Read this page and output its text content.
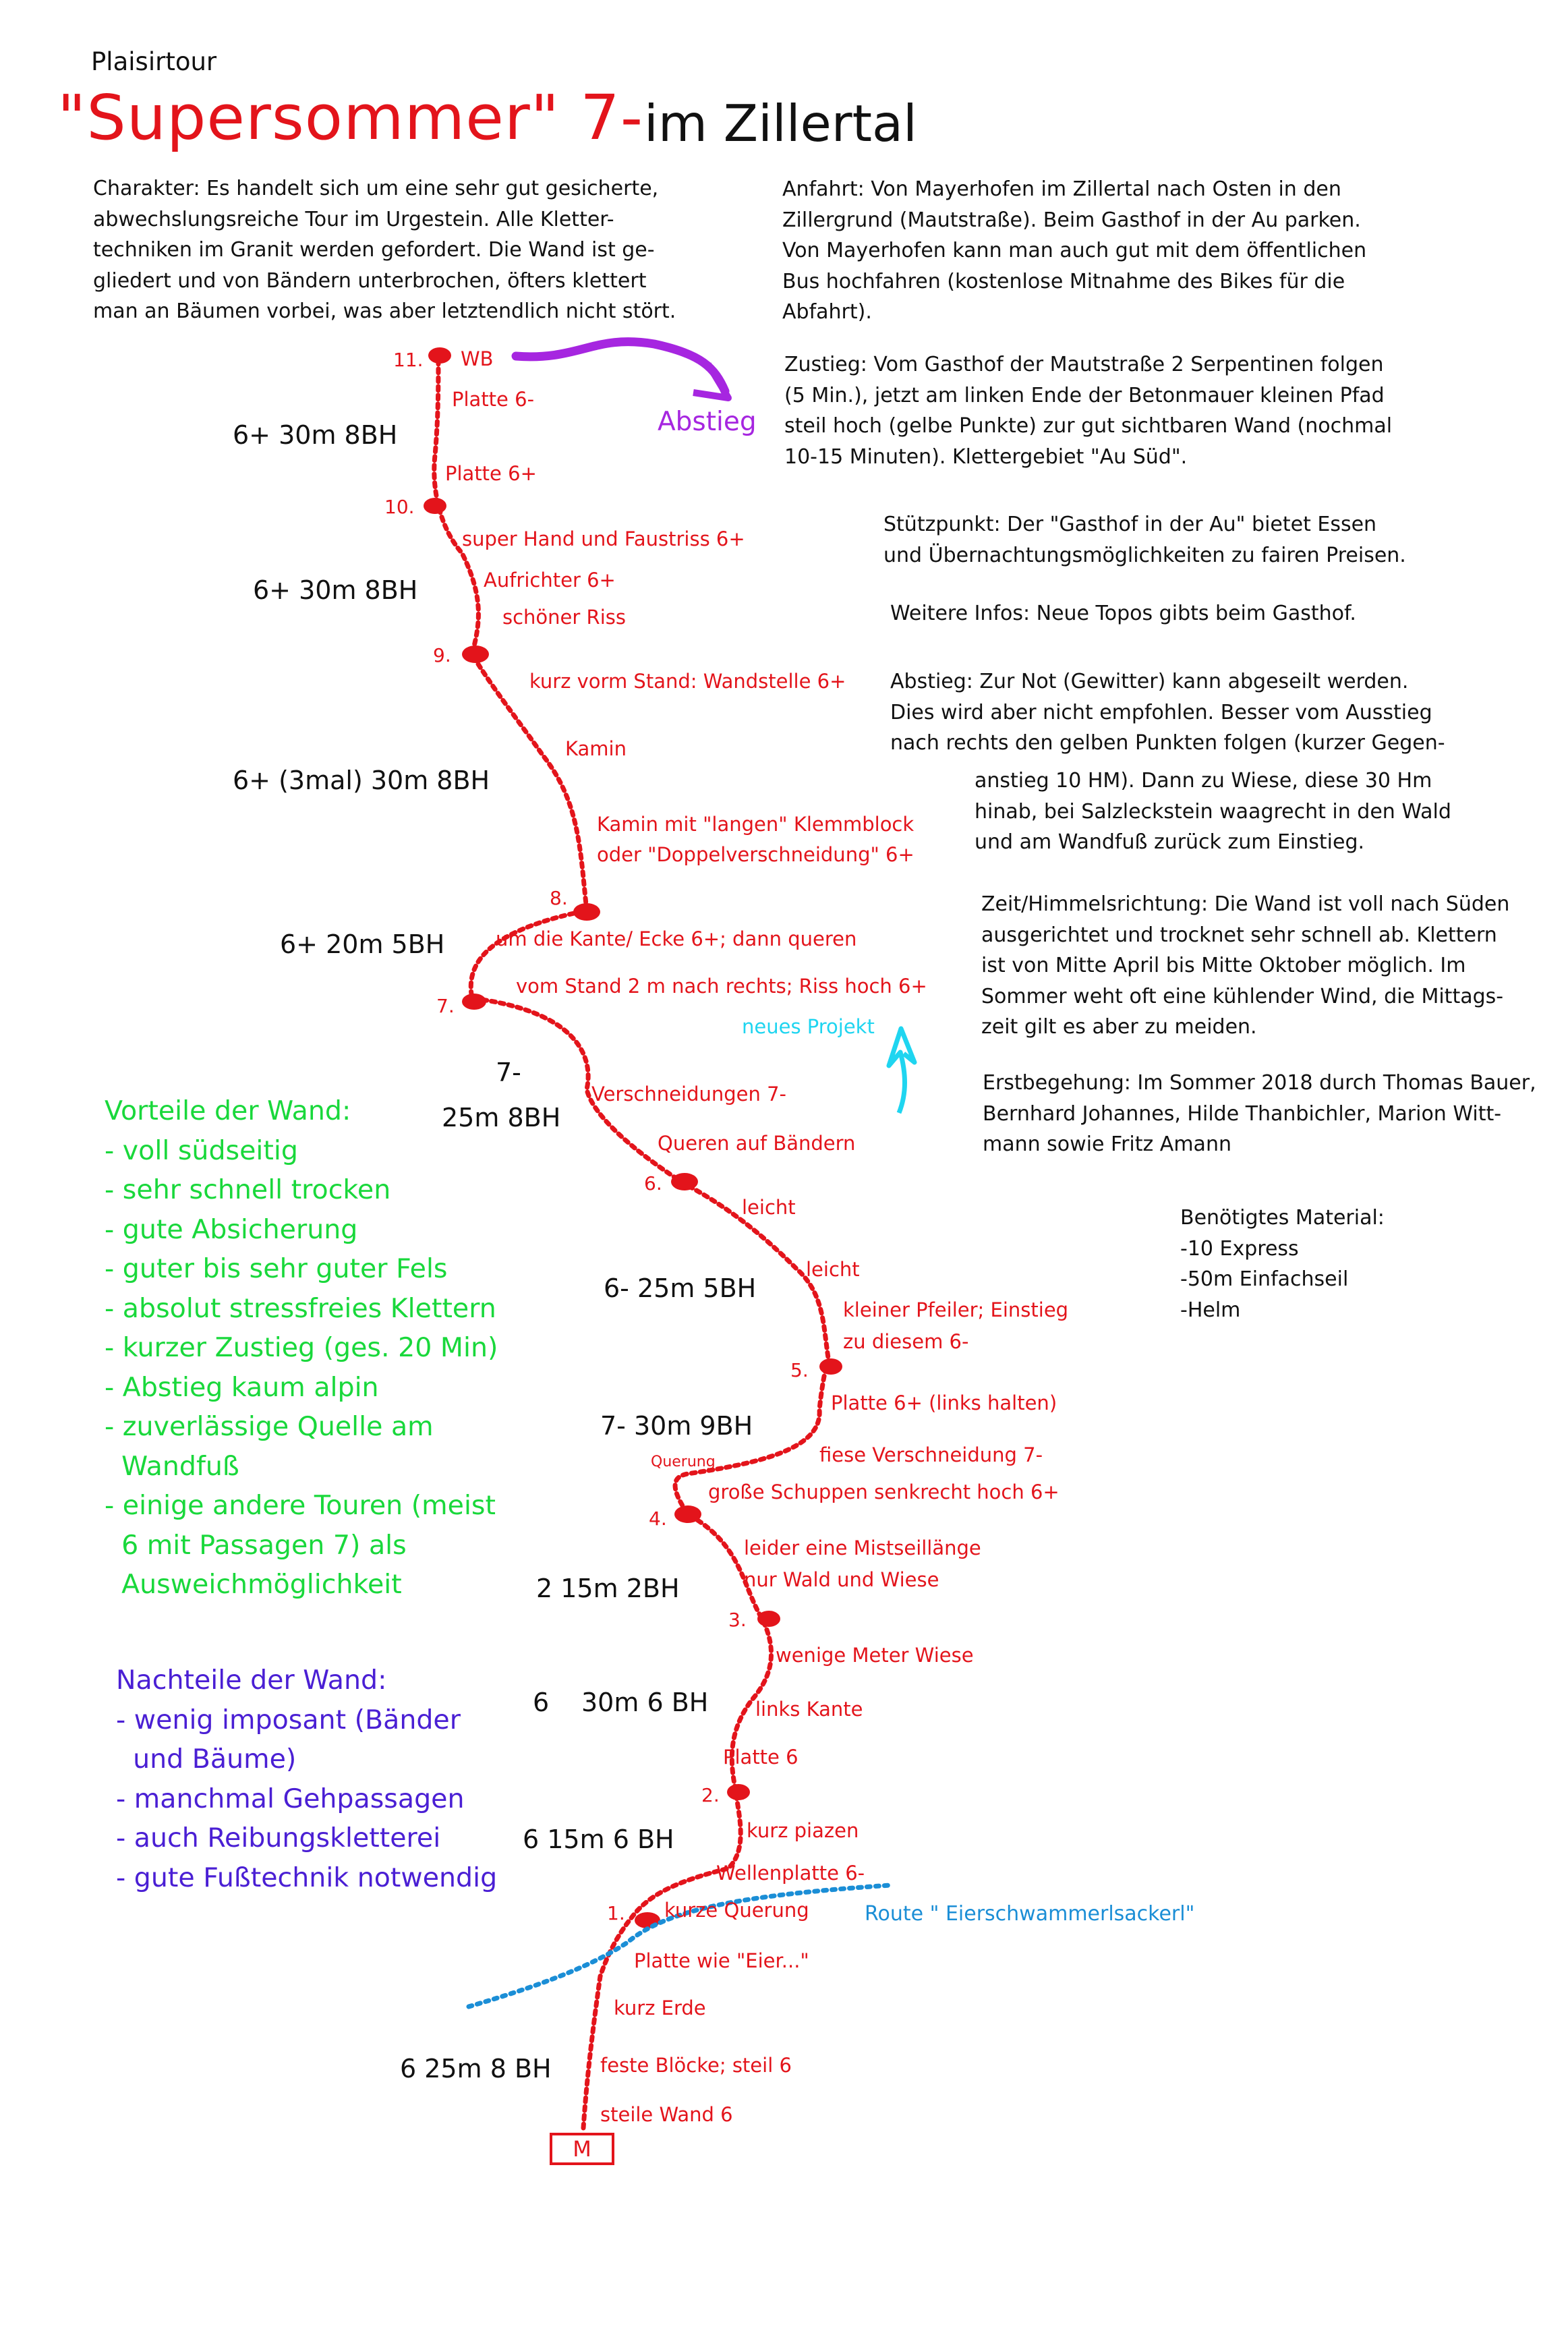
Plaisirtour
"Supersommer" 7- im Zillertal
Charakter: Es handelt sich um eine sehr gut gesicherte,
abwechslungsreiche Tour im Urgestein. Alle Kletter-
techniken im Granit werden gefordert. Die Wand ist ge-
gliedert und von Bändern unterbrochen, öfters klettert
man an Bäumen vorbei, was aber letztendlich nicht stört.
Anfahrt: Von Mayerhofen im Zillertal nach Osten in den
Zillergrund (Mautstraße). Beim Gasthof in der Au parken.
Von Mayerhofen kann man auch gut mit dem öffentlichen
Bus hochfahren (kostenlose Mitnahme des Bikes für die
Abfahrt).
Zustieg: Vom Gasthof der Mautstraße 2 Serpentinen folgen
(5 Min.), jetzt am linken Ende der Betonmauer kleinen Pfad
steil hoch (gelbe Punkte) zur gut sichtbaren Wand (nochmal
10-15 Minuten). Klettergebiet "Au Süd".
Stützpunkt: Der "Gasthof in der Au" bietet Essen
und Übernachtungsmöglichkeiten zu fairen Preisen.
Weitere Infos: Neue Topos gibts beim Gasthof.
Abstieg: Zur Not (Gewitter) kann abgeseilt werden.
Dies wird aber nicht empfohlen. Besser vom Ausstieg
nach rechts den gelben Punkten folgen (kurzer Gegen-
anstieg 10 HM). Dann zu Wiese, diese 30 Hm
hinab, bei Salzleckstein waagrecht in den Wald
und am Wandfuß zurück zum Einstieg.
Zeit/Himmelsrichtung: Die Wand ist voll nach Süden
ausgerichtet und trocknet sehr schnell ab. Klettern
ist von Mitte April bis Mitte Oktober möglich. Im
Sommer weht oft eine kühlender Wind, die Mittags-
zeit gilt es aber zu meiden.
Erstbegehung: Im Sommer 2018 durch Thomas Bauer,
Bernhard Johannes, Hilde Thanbichler, Marion Witt-
mann sowie Fritz Amann
Benötigtes Material:
-10 Express
-50m Einfachseil
-Helm
Vorteile der Wand:
- voll südseitig
- sehr schnell trocken
- gute Absicherung
- guter bis sehr guter Fels
- absolut stressfreies Klettern
- kurzer Zustieg (ges. 20 Min)
- Abstieg kaum alpin
- zuverlässige Quelle am
Wandfuß
- einige andere Touren (meist
6 mit Passagen 7) als
Ausweichmöglichkeit
Nachteile der Wand:
- wenig imposant (Bänder
und Bäume)
- manchmal Gehpassagen
- auch Reibungskletterei
- gute Fußtechnik notwendig
6+ 30m 8BH
6+ 30m 8BH
6+ (3mal) 30m 8BH
6+ 20m 5BH
7-
25m 8BH
6- 25m 5BH
7- 30m 9BH
2 15m 2BH
6 30m 6 BH
6 15m 6 BH
6 25m 8 BH
11.
10.
9.
8.
7.
6.
5.
4.
3.
2.
1.
WB
Platte 6-
Platte 6+
super Hand und Faustriss 6+
Aufrichter 6+
schöner Riss
kurz vorm Stand: Wandstelle 6+
Kamin
Kamin mit "langen" Klemmblock
oder "Doppelverschneidung" 6+
um die Kante/ Ecke 6+; dann queren
vom Stand 2 m nach rechts; Riss hoch 6+
Verschneidungen 7-
Queren auf Bändern
leicht
leicht
kleiner Pfeiler; Einstieg
zu diesem 6-
Platte 6+ (links halten)
fiese Verschneidung 7-
Querung
große Schuppen senkrecht hoch 6+
leider eine Mistseillänge
nur Wald und Wiese
wenige Meter Wiese
links Kante
Platte 6
kurz piazen
Wellenplatte 6-
kurze Querung
Platte wie "Eier..."
kurz Erde
feste Blöcke; steil 6
steile Wand 6
Abstieg
neues Projekt
Route " Eierschwammerlsackerl"
M
